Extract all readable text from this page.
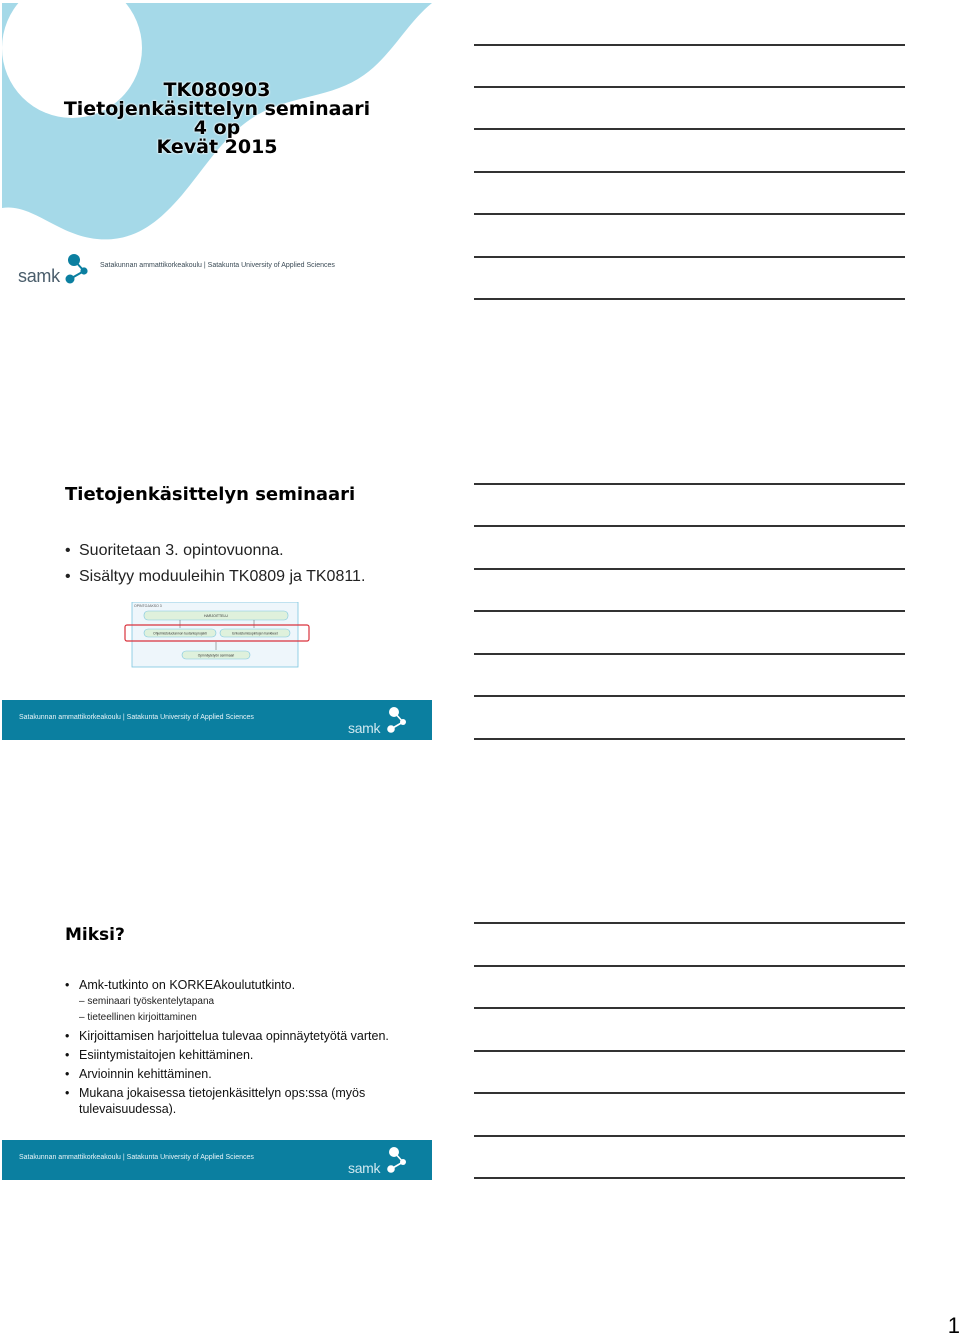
TK080903
Tietojenkäsittelyn seminaari
4 op
Kevät 2015
samk
Satakunnan ammattikorkeakoulu | Satakunta University of Applied Sciences
Tietojenkäsittelyn seminaari
• Suoritetaan 3. opintovuonna.
• Sisältyy moduuleihin TK0809 ja TK0811.
OPINTOJAKSO 3
HARJOITTELU
Ohjelmistotuotannon tuotantoprojekti	Erikoistumisopintojen hankkeet
Opinnäytetyön seminaari
Satakunnan ammattikorkeakoulu | Satakunta University of Applied Sciences
samk
Miksi?
• Amk-tutkinto on KORKEAkoulututkinto.
– seminaari työskentelytapana
– tieteellinen kirjoittaminen
• Kirjoittamisen harjoittelua tulevaa opinnäytetyötä varten.
• Esiintymistaitojen kehittäminen.
• Arvioinnin kehittäminen.
• Mukana jokaisessa tietojenkäsittelyn ops:ssa (myös tulevaisuudessa).
Satakunnan ammattikorkeakoulu | Satakunta University of Applied Sciences
samk
1
